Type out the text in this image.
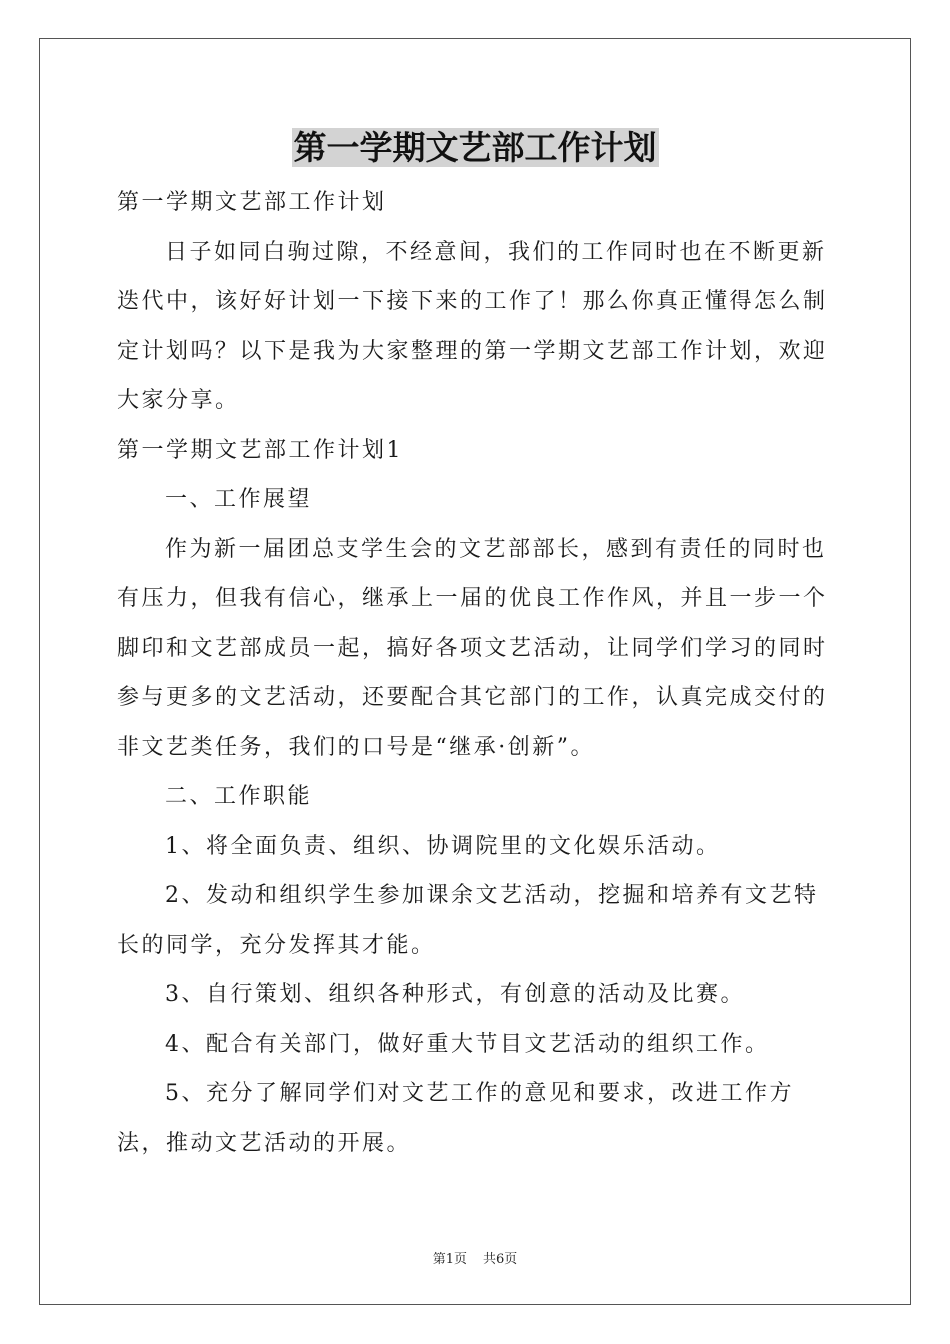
第一学期文艺部工作计划

第一学期文艺部工作计划

日子如同白驹过隙，不经意间，我们的工作同时也在不断更新迭代中，该好好计划一下接下来的工作了！那么你真正懂得怎么制定计划吗？以下是我为大家整理的第一学期文艺部工作计划，欢迎大家分享。

第一学期文艺部工作计划1

一、工作展望

作为新一届团总支学生会的文艺部部长，感到有责任的同时也有压力，但我有信心，继承上一届的优良工作作风，并且一步一个脚印和文艺部成员一起，搞好各项文艺活动，让同学们学习的同时参与更多的文艺活动，还要配合其它部门的工作，认真完成交付的非文艺类任务，我们的口号是“继承·创新”。

二、工作职能

1、将全面负责、组织、协调院里的文化娱乐活动。

2、发动和组织学生参加课余文艺活动，挖掘和培养有文艺特长的同学，充分发挥其才能。

3、自行策划、组织各种形式，有创意的活动及比赛。

4、配合有关部门，做好重大节目文艺活动的组织工作。

5、充分了解同学们对文艺工作的意见和要求，改进工作方法，推动文艺活动的开展。

第1页 共6页
